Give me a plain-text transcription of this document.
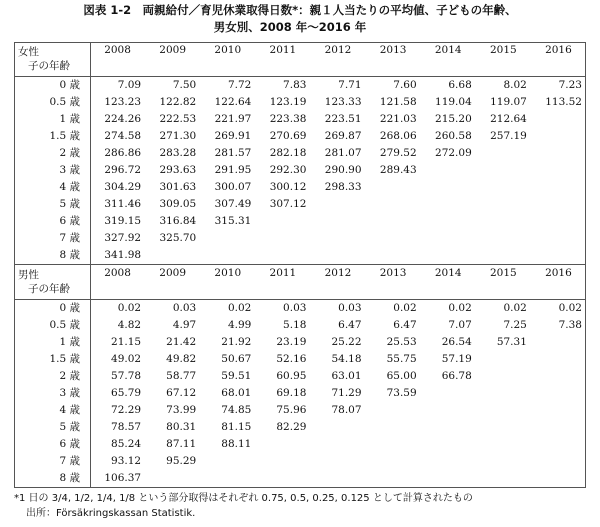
図表 1-2　両親給付／育児休業取得日数*：親１人当たりの平均値、子どもの年齢、
男女別、2008 年～2016 年
女性
子の年齢	2008	2009	2010	2011	2012	2013	2014	2015	2016
0 歳	7.09	7.50	7.72	7.83	7.71	7.60	6.68	8.02	7.23
0.5 歳	123.23	122.82	122.64	123.19	123.33	121.58	119.04	119.07	113.52
1 歳	224.26	222.53	221.97	223.38	223.51	221.03	215.20	212.64	
1.5 歳	274.58	271.30	269.91	270.69	269.87	268.06	260.58	257.19	
2 歳	286.86	283.28	281.57	282.18	281.07	279.52	272.09		
3 歳	296.72	293.63	291.95	292.30	290.90	289.43			
4 歳	304.29	301.63	300.07	300.12	298.33				
5 歳	311.46	309.05	307.49	307.12					
6 歳	319.15	316.84	315.31						
7 歳	327.92	325.70							
8 歳	341.98								

男性
子の年齢	2008	2009	2010	2011	2012	2013	2014	2015	2016
0 歳	0.02	0.03	0.02	0.03	0.03	0.02	0.02	0.02	0.02
0.5 歳	4.82	4.97	4.99	5.18	6.47	6.47	7.07	7.25	7.38
1 歳	21.15	21.42	21.92	23.19	25.22	25.53	26.54	57.31	
1.5 歳	49.02	49.82	50.67	52.16	54.18	55.75	57.19		
2 歳	57.78	58.77	59.51	60.95	63.01	65.00	66.78		
3 歳	65.79	67.12	68.01	69.18	71.29	73.59			
4 歳	72.29	73.99	74.85	75.96	78.07				
5 歳	78.57	80.31	81.15	82.29					
6 歳	85.24	87.11	88.11						
7 歳	93.12	95.29							
8 歳	106.37								
*1 日の 3/4, 1/2, 1/4, 1/8 という部分取得はそれぞれ 0.75, 0.5, 0.25, 0.125 として計算されたもの
出所：Försäkringskassan Statistik.
